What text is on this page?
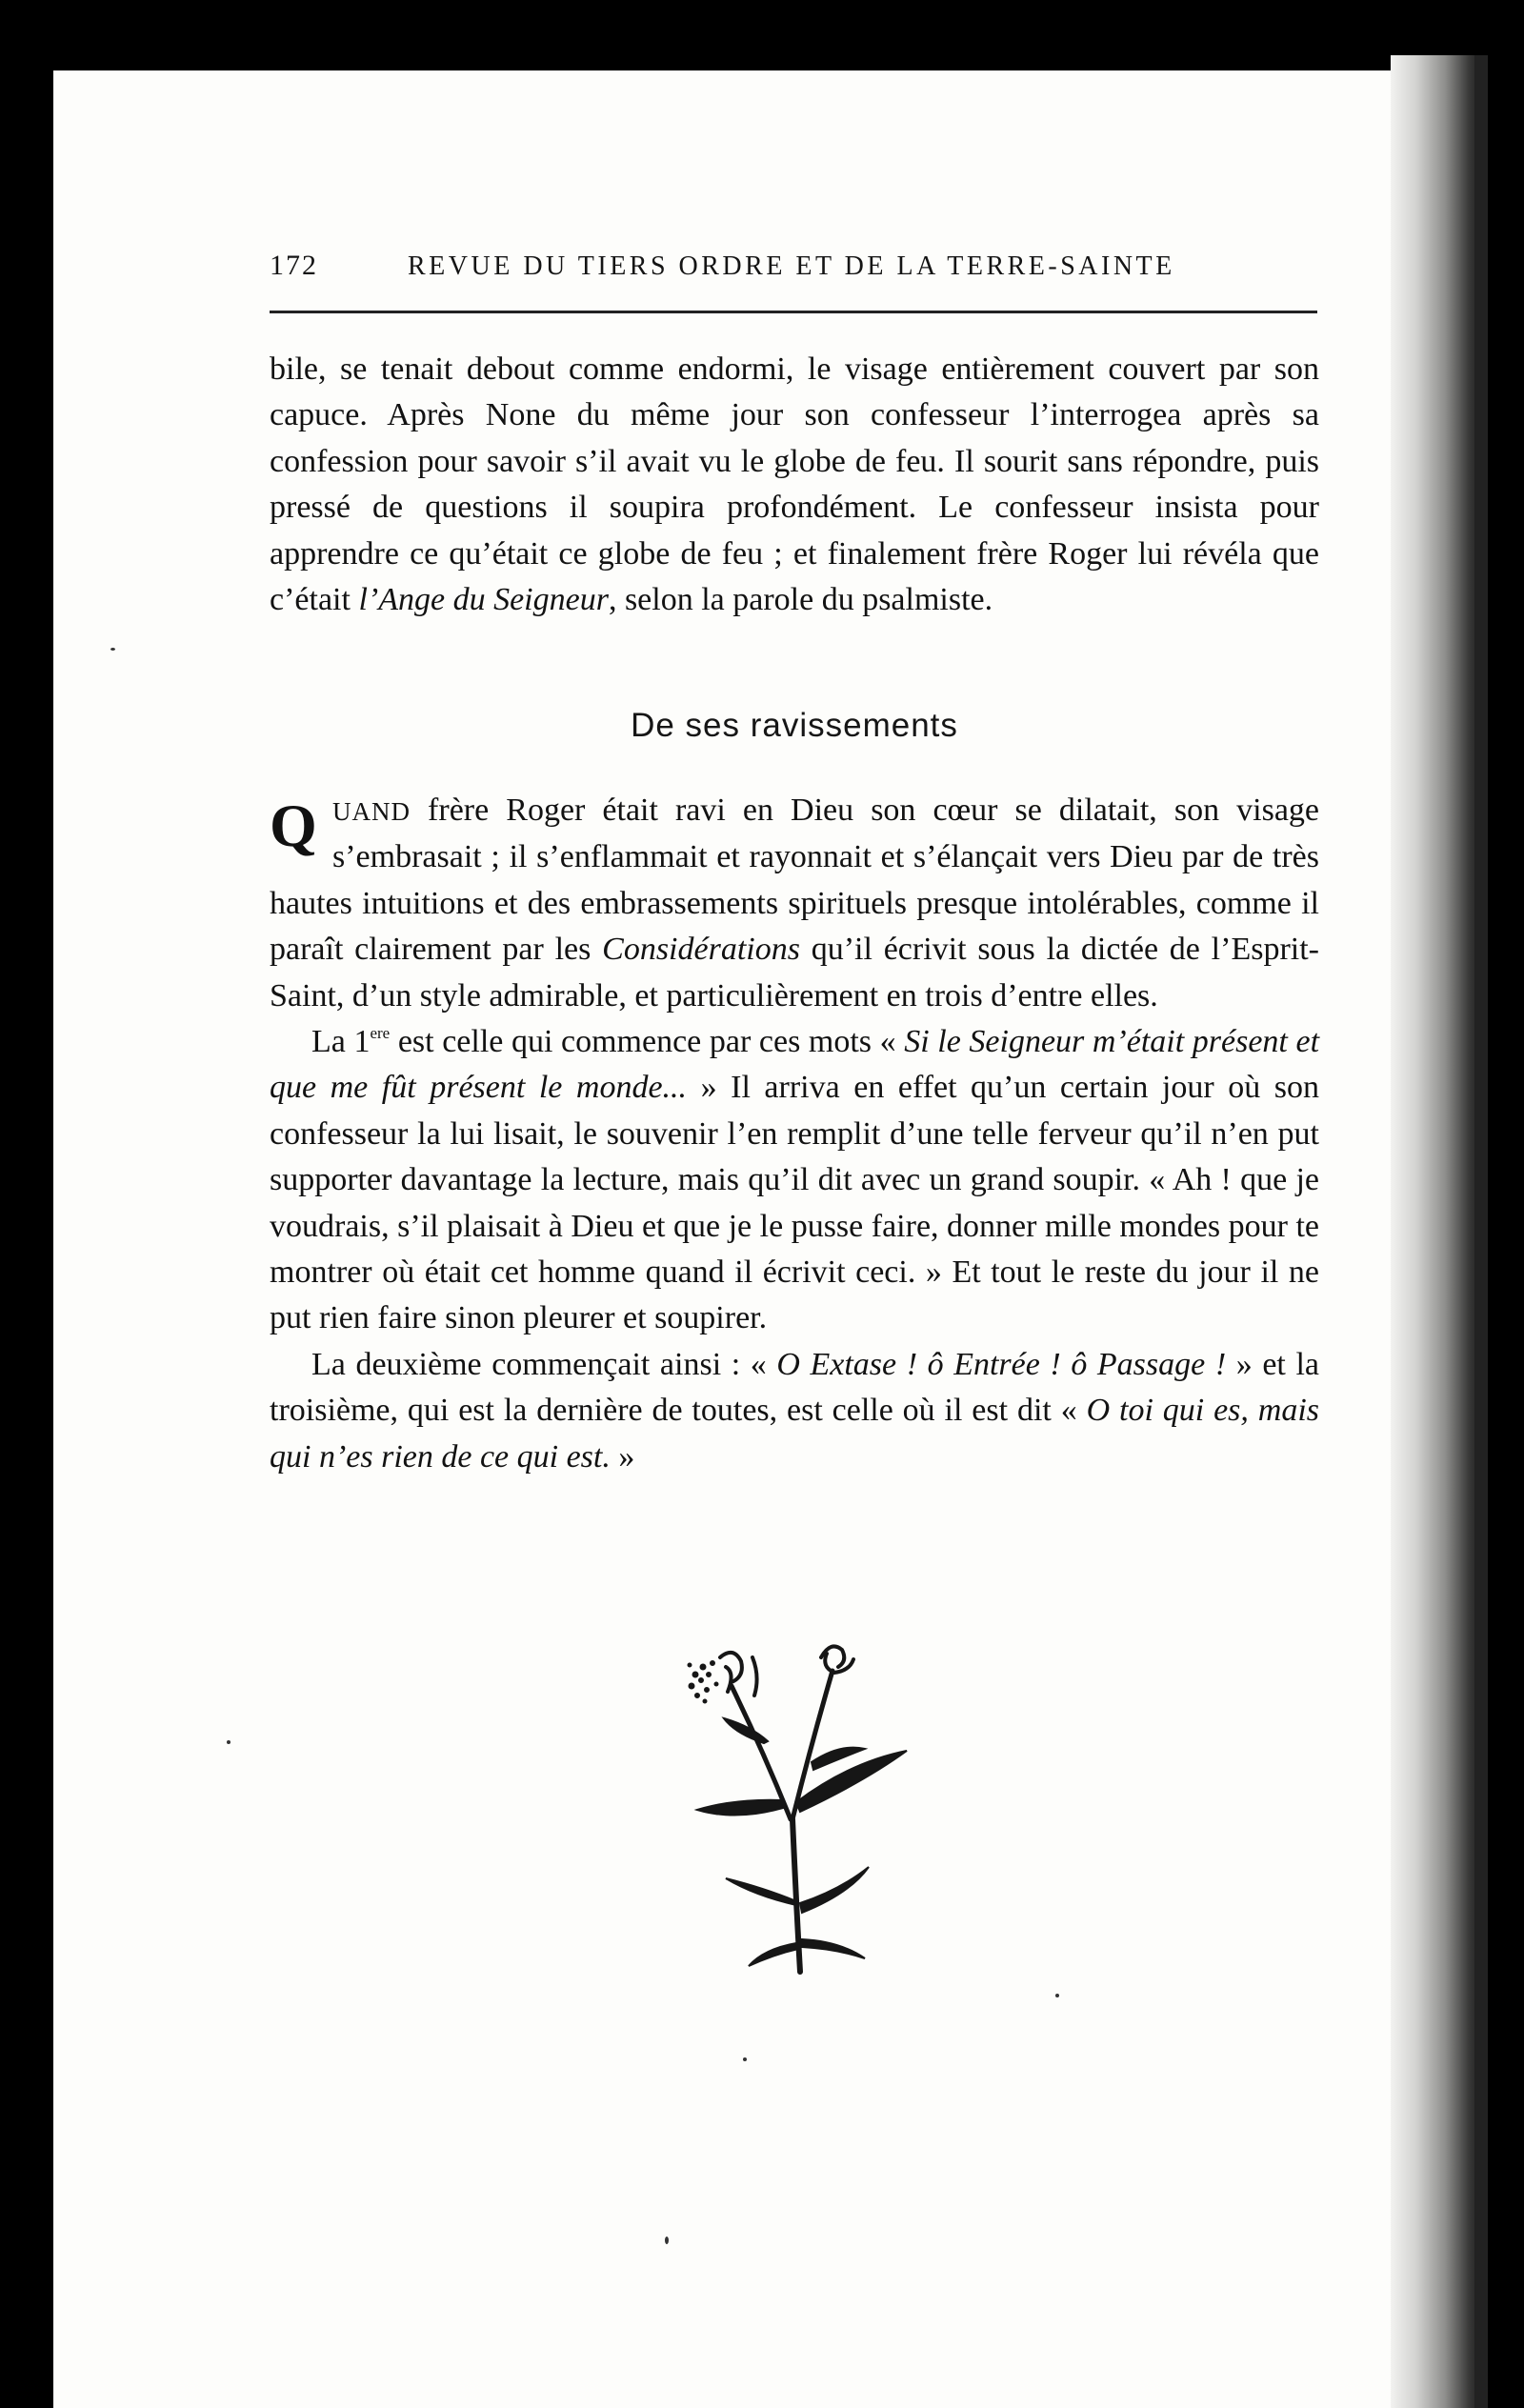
172	REVUE DU TIERS ORDRE ET DE LA TERRE-SAINTE

bile, se tenait debout comme endormi, le visage entièrement couvert par son capuce. Après None du même jour son confesseur l’interrogea après sa confession pour savoir s’il avait vu le globe de feu. Il sourit sans répondre, puis pressé de questions il soupira profondément. Le confesseur insista pour apprendre ce qu’était ce globe de feu ; et finalement frère Roger lui révéla que c’était l’Ange du Seigneur, selon la parole du psalmiste.

De ses ravissements

QUAND frère Roger était ravi en Dieu son cœur se dilatait, son visage s’embrasait ; il s’enflammait et rayonnait et s’élançait vers Dieu par de très hautes intuitions et des embrassements spirituels presque intolérables, comme il paraît clairement par les Considérations qu’il écrivit sous la dictée de l’Esprit-Saint, d’un style admirable, et particulièrement en trois d’entre elles.

La 1ere est celle qui commence par ces mots « Si le Seigneur m’était présent et que me fût présent le monde... » Il arriva en effet qu’un certain jour où son confesseur la lui lisait, le souvenir l’en remplit d’une telle ferveur qu’il n’en put supporter davantage la lecture, mais qu’il dit avec un grand soupir. « Ah ! que je voudrais, s’il plaisait à Dieu et que je le pusse faire, donner mille mondes pour te montrer où était cet homme quand il écrivit ceci. » Et tout le reste du jour il ne put rien faire sinon pleurer et soupirer.

La deuxième commençait ainsi : « O Extase ! ô Entrée ! ô Passage ! » et la troisième, qui est la dernière de toutes, est celle où il est dit « O toi qui es, mais qui n’es rien de ce qui est. »
